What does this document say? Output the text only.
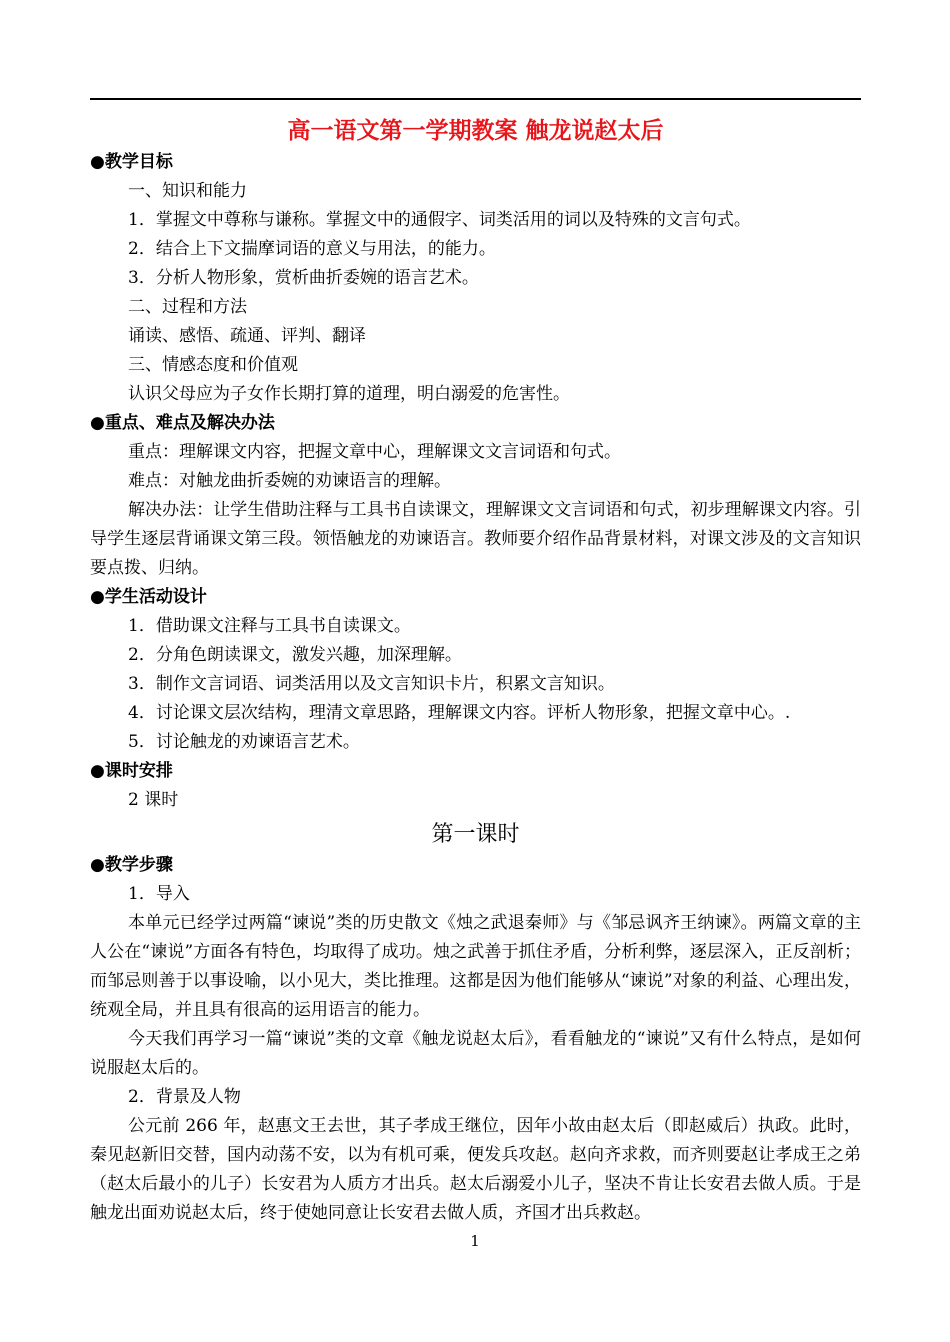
高一语文第一学期教案 触龙说赵太后
●教学目标
一、知识和能力
1．掌握文中尊称与谦称。掌握文中的通假字、词类活用的词以及特殊的文言句式。
2．结合上下文揣摩词语的意义与用法，的能力。
3．分析人物形象，赏析曲折委婉的语言艺术。
二、过程和方法
诵读、感悟、疏通、评判、翻译
三、情感态度和价值观
认识父母应为子女作长期打算的道理，明白溺爱的危害性。
●重点、难点及解决办法
重点：理解课文内容，把握文章中心，理解课文文言词语和句式。
难点：对触龙曲折委婉的劝谏语言的理解。
解决办法：让学生借助注释与工具书自读课文，理解课文文言词语和句式，初步理解课文内容。引导学生逐层背诵课文第三段。领悟触龙的劝谏语言。教师要介绍作品背景材料，对课文涉及的文言知识要点拨、归纳。
●学生活动设计
1．借助课文注释与工具书自读课文。
2．分角色朗读课文，激发兴趣，加深理解。
3．制作文言词语、词类活用以及文言知识卡片，积累文言知识。
4．讨论课文层次结构，理清文章思路，理解课文内容。评析人物形象，把握文章中心。.
5．讨论触龙的劝谏语言艺术。
●课时安排
2 课时
第一课时
●教学步骤
1．导入
本单元已经学过两篇“谏说”类的历史散文《烛之武退秦师》与《邹忌讽齐王纳谏》。两篇文章的主人公在“谏说”方面各有特色，均取得了成功。烛之武善于抓住矛盾，分析利弊，逐层深入，正反剖析；而邹忌则善于以事设喻，以小见大，类比推理。这都是因为他们能够从“谏说”对象的利益、心理出发，统观全局，并且具有很高的运用语言的能力。
今天我们再学习一篇“谏说”类的文章《触龙说赵太后》，看看触龙的“谏说”又有什么特点，是如何说服赵太后的。
2．背景及人物
公元前 266 年，赵惠文王去世，其子孝成王继位，因年小故由赵太后（即赵威后）执政。此时，秦见赵新旧交替，国内动荡不安，以为有机可乘，便发兵攻赵。赵向齐求救，而齐则要赵让孝成王之弟（赵太后最小的儿子）长安君为人质方才出兵。赵太后溺爱小儿子，坚决不肯让长安君去做人质。于是触龙出面劝说赵太后，终于使她同意让长安君去做人质，齐国才出兵救赵。
1
